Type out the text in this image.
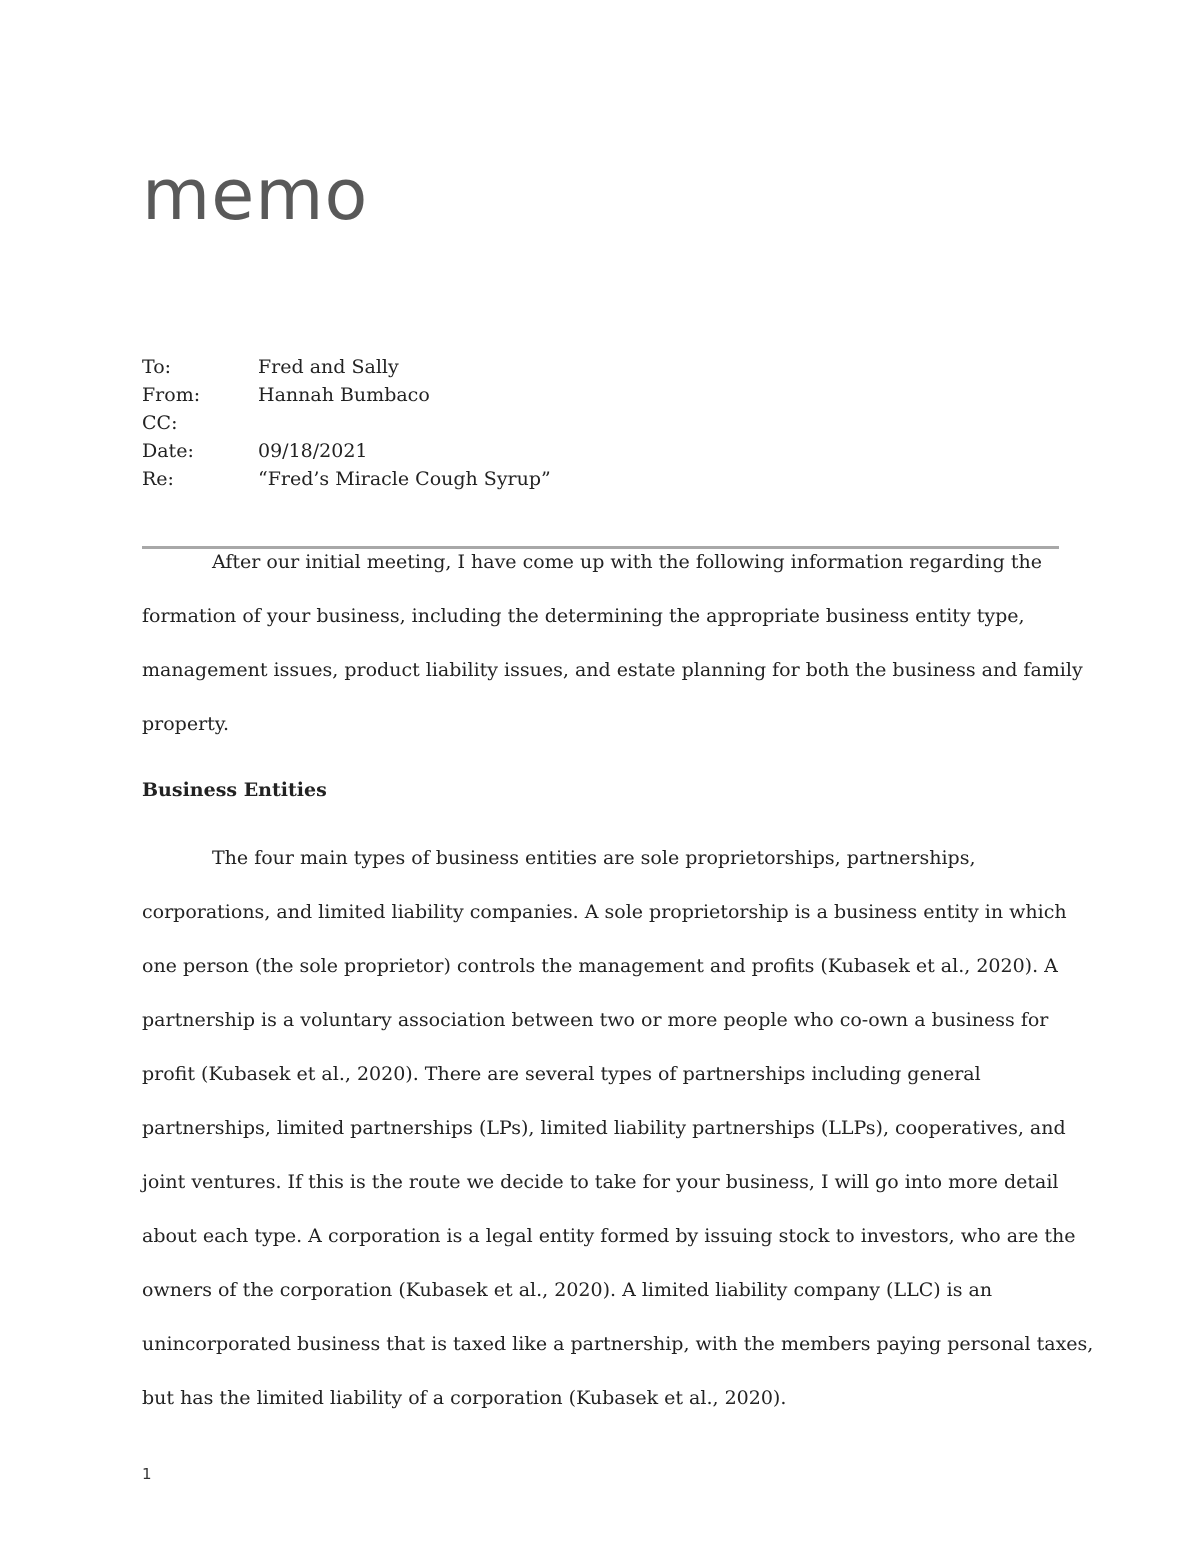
memo
To:	Fred and Sally
From:	Hannah Bumbaco
CC:
Date:	09/18/2021
Re:	“Fred’s Miracle Cough Syrup”
After our initial meeting, I have come up with the following information regarding the
formation of your business, including the determining the appropriate business entity type,
management issues, product liability issues, and estate planning for both the business and family
property.
Business Entities
The four main types of business entities are sole proprietorships, partnerships,
corporations, and limited liability companies. A sole proprietorship is a business entity in which
one person (the sole proprietor) controls the management and profits (Kubasek et al., 2020). A
partnership is a voluntary association between two or more people who co-own a business for
profit (Kubasek et al., 2020). There are several types of partnerships including general
partnerships, limited partnerships (LPs), limited liability partnerships (LLPs), cooperatives, and
joint ventures. If this is the route we decide to take for your business, I will go into more detail
about each type. A corporation is a legal entity formed by issuing stock to investors, who are the
owners of the corporation (Kubasek et al., 2020). A limited liability company (LLC) is an
unincorporated business that is taxed like a partnership, with the members paying personal taxes,
but has the limited liability of a corporation (Kubasek et al., 2020).
1
